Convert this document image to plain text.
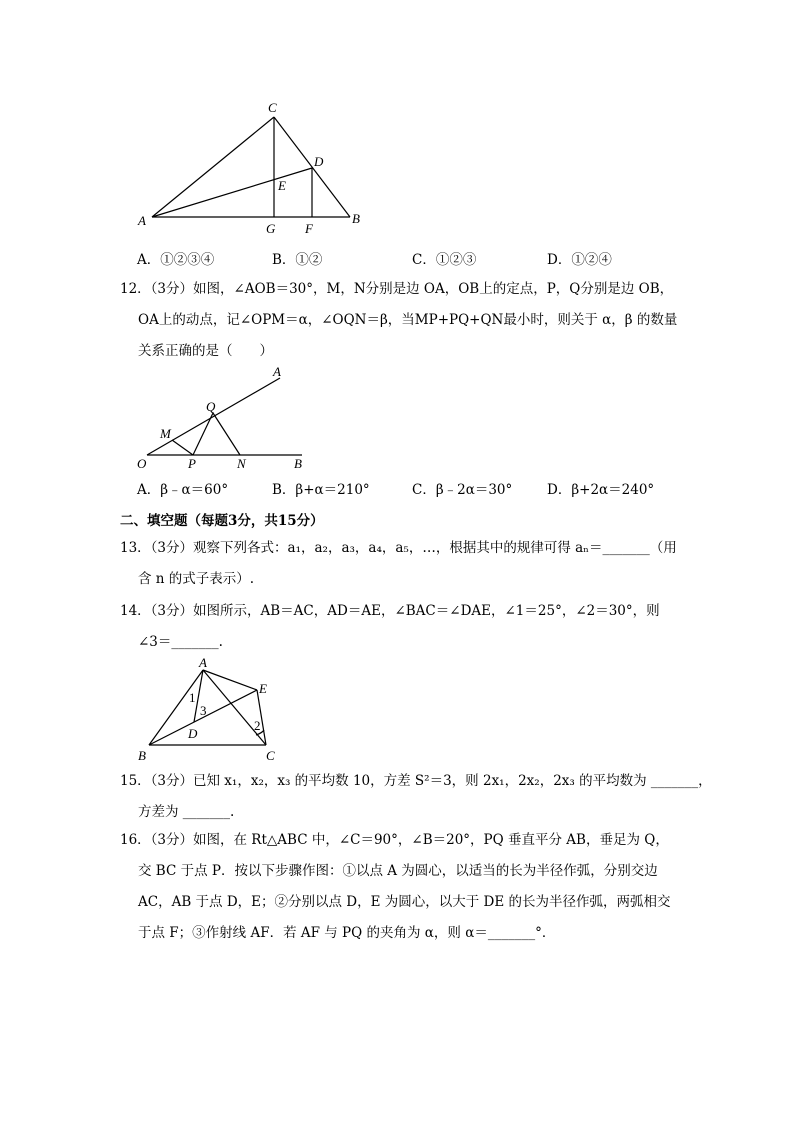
A	B
C
D
E
F
G
A．①②③④	B．①②	C．①②③	D．①②④
12．（3分）如图，∠AOB＝30°，M，N分别是边 OA，OB上的定点，P，Q分别是边 OB，
OA上的动点，记∠OPM＝α，∠OQN＝β，当MP+PQ+QN最小时，则关于 α，β 的数量
关系正确的是（　　）
A
Q
M
O	P	N	B
A．β﹣α＝60°	B．β+α＝210°	C．β﹣2α＝30°	D．β+2α＝240°
二、填空题（每题3分，共15分）
13．（3分）观察下列各式：a₁，a₂，a₃，a₄，a₅，…，根据其中的规律可得 aₙ＝_______（用
含 n 的式子表示）.
14．（3分）如图所示，AB＝AC，AD＝AE，∠BAC＝∠DAE，∠1＝25°，∠2＝30°，则
∠3＝_______.
A
E
1
3
2
D
B	C
15．（3分）已知 x₁，x₂，x₃ 的平均数 10，方差 S²＝3，则 2x₁，2x₂，2x₃ 的平均数为 _______，
方差为 _______.
16．（3分）如图，在 Rt△ABC 中，∠C＝90°，∠B＝20°，PQ 垂直平分 AB，垂足为 Q，
交 BC 于点 P．按以下步骤作图：①以点 A 为圆心，以适当的长为半径作弧，分别交边
AC，AB 于点 D，E；②分别以点 D，E 为圆心，以大于 DE 的长为半径作弧，两弧相交
于点 F；③作射线 AF．若 AF 与 PQ 的夹角为 α，则 α＝_______°．
